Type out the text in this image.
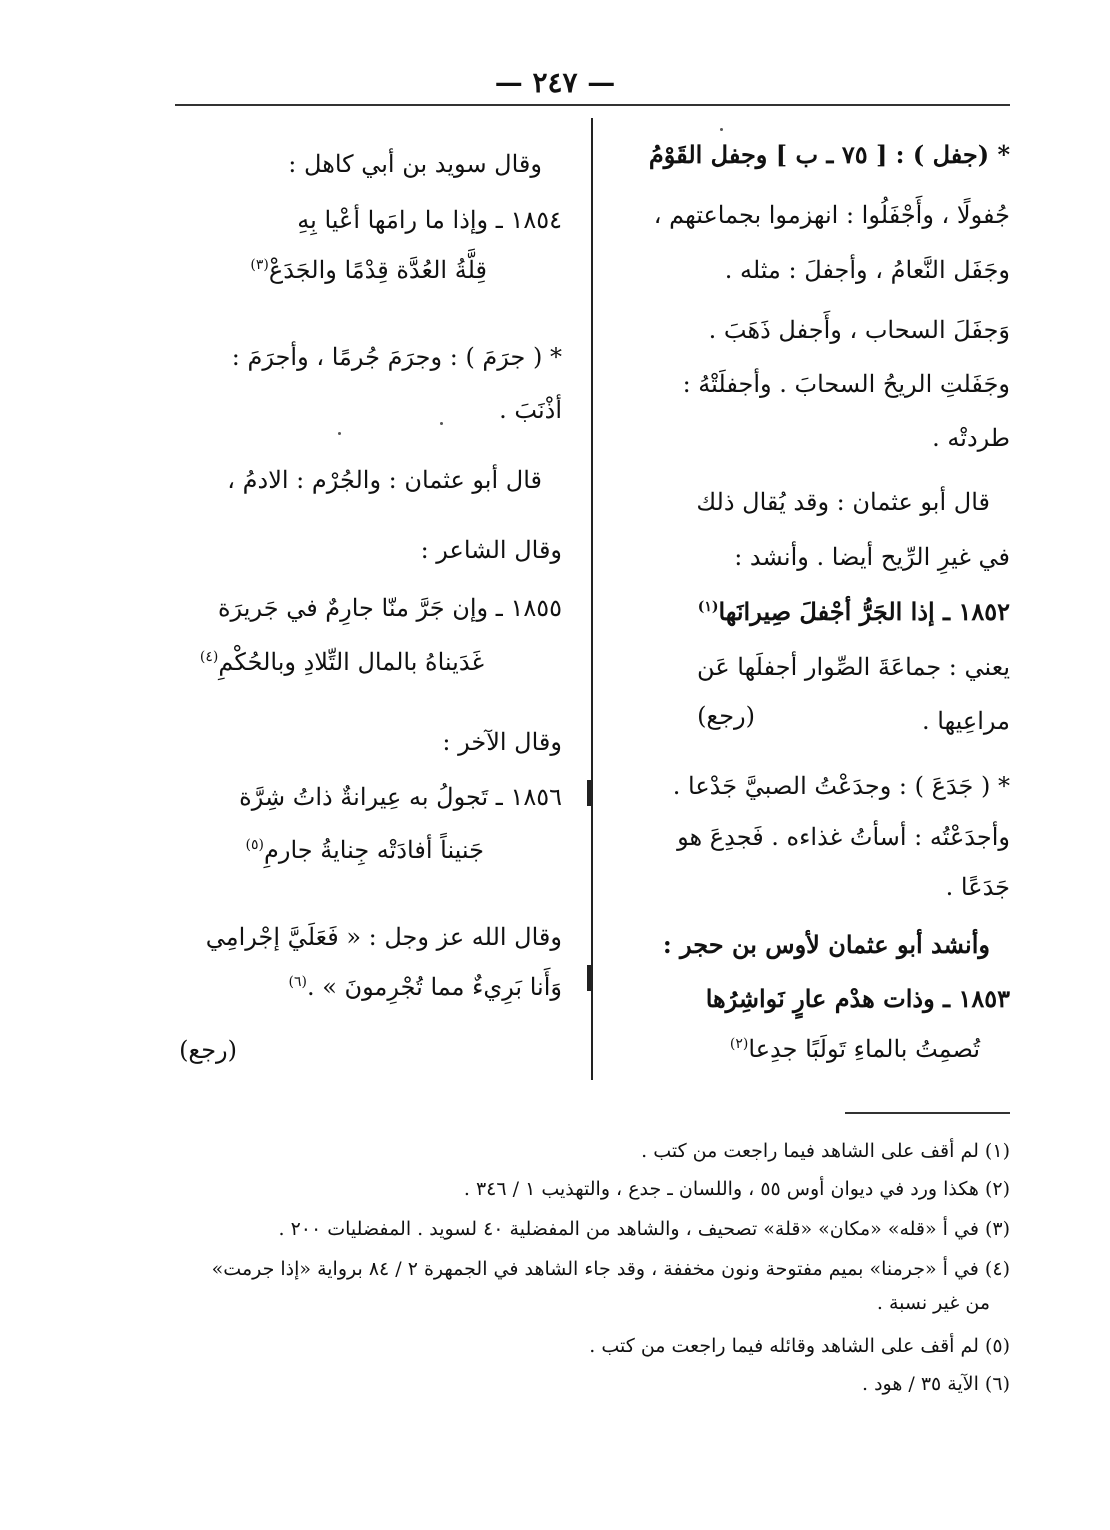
— ٢٤٧ —
* (جفل ) : [ ٧٥ ـ ب ] وجفل القَوْمُ
جُفولًا ، وأَجْفَلُوا : انهزموا بجماعتهم ،
وجَفَل النَّعامُ ، وأجفلَ : مثله .
وَجفَلَ السحاب ، وأَجفل ذَهَبَ .
وجَفَلتِ الريحُ السحابَ . وأجفلَتْهُ :
طردتْه .
قال أبو عثمان : وقد يُقال ذلك
في غيرِ الرِّيح أيضا . وأنشد :
١٨٥٢ ـ إذا الجَرُّ أجْفلَ صِيرانَها$^{(١)}$
يعني : جماعَةَ الصِّوار أجفلَها عَن
مراعِيها .
(رجع)
* ( جَدَعَ ) : وجدَعْتُ الصبيَّ جَدْعا .
وأجدَعْتُه : أسأتُ غذاءه . فَجدِعَ هو
جَدَعًا .
وأنشد أبو عثمان لأوس بن حجر :
١٨٥٣ ـ وذات هدْم عارٍ نَواشِرُها
تُصمِتُ بالماءِ تَولَبًا جدِعا$^{(٢)}$
وقال سويد بن أبي كاهل :
١٨٥٤ ـ وإذا ما رامَها أعْيا بِهِ
قِلَّةُ العُدَّة قِدْمًا والجَدَعْ$^{(٣)}$
* ( جرَمَ ) : وجرَمَ جُرمًا ، وأجرَمَ :
أذْنَبَ .
قال أبو عثمان : والجُرْم : الادمُ ،
وقال الشاعر :
١٨٥٥ ـ وإن جَرَّ منّا جارِمٌ في جَريرَة
غَدَيناهُ بالمال التِّلادِ وبالحُكْمِ$^{(٤)}$
وقال الآخر :
١٨٥٦ ـ تَجولُ به عِيرانةٌ ذاتُ شِرَّة
جَنيناً أفادَتْه جِنايةُ جارمِ$^{(٥)}$
وقال الله عز وجل : « فَعَلَيَّ إجْرامِي
وَأَنا بَرِيءٌ مما تُجْرِمونَ » .$^{(٦)}$
(رجع)
(١) لم أقف على الشاهد فيما راجعت من كتب .
(٢) هكذا ورد في ديوان أوس ٥٥ ، واللسان ـ جدع ، والتهذيب ١ / ٣٤٦ .
(٣) في أ «قله» «مكان» «قلة» تصحيف ، والشاهد من المفضلية ٤٠ لسويد . المفضليات ٢٠٠ .
(٤) في أ «جرمنا» بميم مفتوحة ونون مخففة ، وقد جاء الشاهد في الجمهرة ٢ / ٨٤ برواية «إذا جرمت»
من غير نسبة .
(٥) لم أقف على الشاهد وقائله فيما راجعت من كتب .
(٦) الآية ٣٥ / هود .
